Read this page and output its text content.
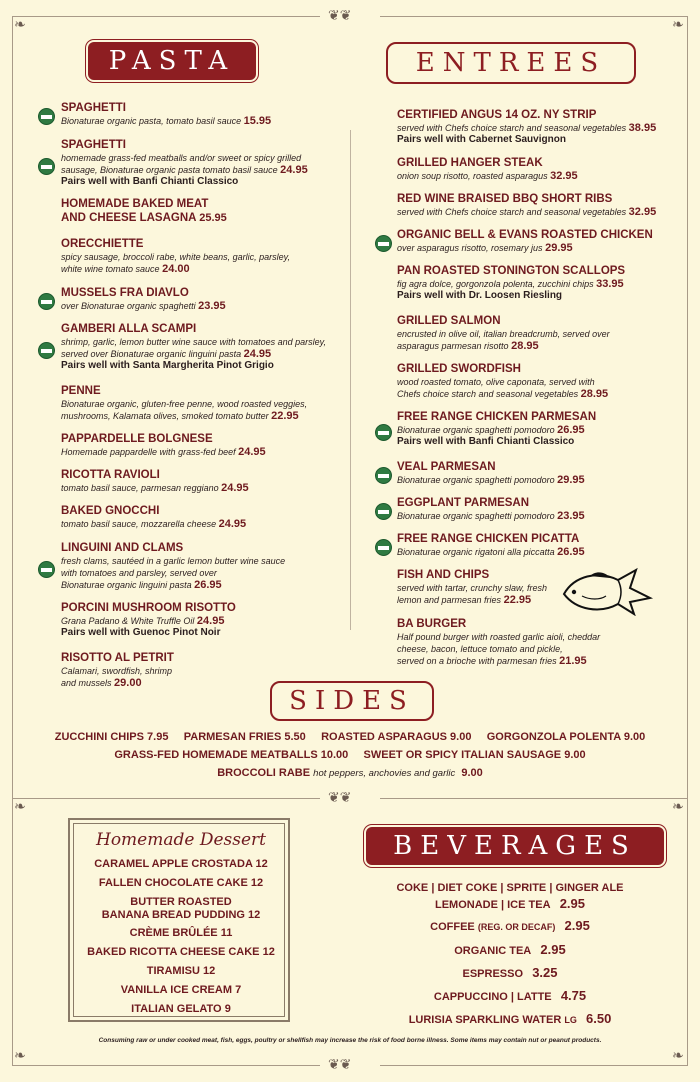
❦❦
❦❦
❦❦
❧	❧
❧	❧
❧	❧
PASTA	ENTREES
SPAGHETTI
Bionaturae organic pasta, tomato basil sauce 15.95
SPAGHETTI
homemade grass-fed meatballs and/or sweet or spicy grilled
sausage, Bionaturae organic pasta tomato basil sauce 24.95
Pairs well with Banfi Chianti Classico
HOMEMADE BAKED MEAT
AND CHEESE LASAGNA 25.95
ORECCHIETTE
spicy sausage, broccoli rabe, white beans, garlic, parsley,
white wine tomato sauce 24.00
MUSSELS FRA DIAVLO
over Bionaturae organic spaghetti 23.95
GAMBERI ALLA SCAMPI
shrimp, garlic, lemon butter wine sauce with tomatoes and parsley,
served over Bionaturae organic linguini pasta 24.95
Pairs well with Santa Margherita Pinot Grigio
PENNE
Bionaturae organic, gluten-free penne, wood roasted veggies,
mushrooms, Kalamata olives, smoked tomato butter 22.95
PAPPARDELLE BOLGNESE
Homemade pappardelle with grass-fed beef 24.95
RICOTTA RAVIOLI
tomato basil sauce, parmesan reggiano 24.95
BAKED GNOCCHI
tomato basil sauce, mozzarella cheese 24.95
LINGUINI AND CLAMS
fresh clams, sautéed in a garlic lemon butter wine sauce
with tomatoes and parsley, served over
Bionaturae organic linguini pasta 26.95
PORCINI MUSHROOM RISOTTO
Grana Padano & White Truffle Oil 24.95
Pairs well with Guenoc Pinot Noir
RISOTTO AL PETRIT
Calamari, swordfish, shrimp
and mussels 29.00
CERTIFIED ANGUS 14 OZ. NY STRIP
served with Chefs choice starch and seasonal vegetables 38.95
Pairs well with Cabernet Sauvignon
GRILLED HANGER STEAK
onion soup risotto, roasted asparagus 32.95
RED WINE BRAISED BBQ SHORT RIBS
served with Chefs choice starch and seasonal vegetables 32.95
ORGANIC BELL & EVANS ROASTED CHICKEN
over asparagus risotto, rosemary jus 29.95
PAN ROASTED STONINGTON SCALLOPS
fig agra dolce, gorgonzola polenta, zucchini chips 33.95
Pairs well with Dr. Loosen Riesling
GRILLED SALMON
encrusted in olive oil, italian breadcrumb, served over
asparagus parmesan risotto 28.95
GRILLED SWORDFISH
wood roasted tomato, olive caponata, served with
Chefs choice starch and seasonal vegetables 28.95
FREE RANGE CHICKEN PARMESAN
Bionaturae organic spaghetti pomodoro 26.95
Pairs well with Banfi Chianti Classico
VEAL PARMESAN
Bionaturae organic spaghetti pomodoro 29.95
EGGPLANT PARMESAN
Bionaturae organic spaghetti pomodoro 23.95
FREE RANGE CHICKEN PICATTA
Bionaturae organic rigatoni alla piccatta 26.95
FISH AND CHIPS
served with tartar, crunchy slaw, fresh
lemon and parmesan fries 22.95
BA BURGER
Half pound burger with roasted garlic aioli, cheddar
cheese, bacon, lettuce tomato and pickle,
served on a brioche with parmesan fries 21.95
SIDES
ZUCCHINI CHIPS 7.95 PARMESAN FRIES 5.50 ROASTED ASPARAGUS 9.00 GORGONZOLA POLENTA 9.00
GRASS-FED HOMEMADE MEATBALLS 10.00 SWEET OR SPICY ITALIAN SAUSAGE 9.00
BROCCOLI RABE hot peppers, anchovies and garlic 9.00
Homemade Dessert
CARAMEL APPLE CROSTADA 12
FALLEN CHOCOLATE CAKE 12
BUTTER ROASTED
BANANA BREAD PUDDING 12
CRÈME BRÛLÉE 11
BAKED RICOTTA CHEESE CAKE 12
TIRAMISU 12
VANILLA ICE CREAM 7
ITALIAN GELATO 9
BEVERAGES
COKE | DIET COKE | SPRITE | GINGER ALE
LEMONADE | ICE TEA 2.95
COFFEE (REG. OR DECAF) 2.95
ORGANIC TEA 2.95
ESPRESSO 3.25
CAPPUCCINO | LATTE 4.75
LURISIA SPARKLING WATER LG 6.50
Consuming raw or under cooked meat, fish, eggs, poultry or shellfish may increase the risk of food borne illness. Some items may contain nut or peanut products.
